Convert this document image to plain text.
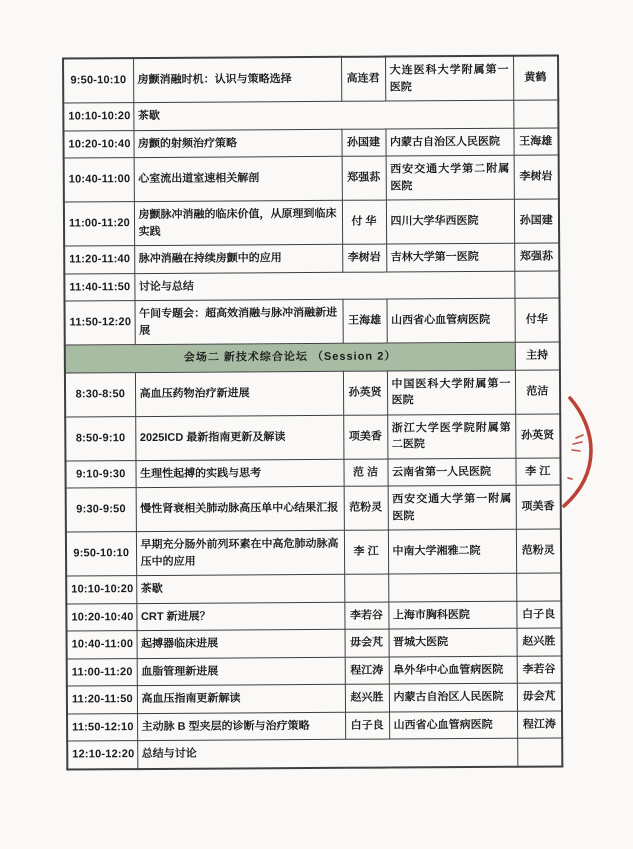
9:50-10:10	房颤消融时机：认识与策略选择	高连君	大连医科大学附属第一医院	黄鹤
10:10-10:20	茶歇			
10:20-10:40	房颤的射频治疗策略	孙国建	内蒙古自治区人民医院	王海雄
10:40-11:00	心室流出道室速相关解剖	郑强荪	西安交通大学第二附属医院	李树岩
11:00-11:20	房颤脉冲消融的临床价值，从原理到临床实践	付 华	四川大学华西医院	孙国建
11:20-11:40	脉冲消融在持续房颤中的应用	李树岩	吉林大学第一医院	郑强荪
11:40-11:50	讨论与总结			
11:50-12:20	午间专题会：超高效消融与脉冲消融新进展	王海雄	山西省心血管病医院	付华
会场二 新技术综合论坛 （Session 2）				主持
8:30-8:50	高血压药物治疗新进展	孙英贤	中国医科大学附属第一医院	范洁
8:50-9:10	2025ICD 最新指南更新及解读	项美香	浙江大学医学院附属第二医院	孙英贤
9:10-9:30	生理性起搏的实践与思考	范 洁	云南省第一人民医院	李 江
9:30-9:50	慢性肾衰相关肺动脉高压单中心结果汇报	范粉灵	西安交通大学第一附属医院	项美香
9:50-10:10	早期充分肠外前列环素在中高危肺动脉高压中的应用	李 江	中南大学湘雅二院	范粉灵
10:10-10:20	茶歇			
10:20-10:40	CRT 新进展？	李若谷	上海市胸科医院	白子良
10:40-11:00	起搏器临床进展	毋会芃	晋城大医院	赵兴胜
11:00-11:20	血脂管理新进展	程江涛	阜外华中心血管病医院	李若谷
11:20-11:50	高血压指南更新解读	赵兴胜	内蒙古自治区人民医院	毋会芃
11:50-12:10	主动脉 B 型夹层的诊断与治疗策略	白子良	山西省心血管病医院	程江涛
12:10-12:20	总结与讨论			
